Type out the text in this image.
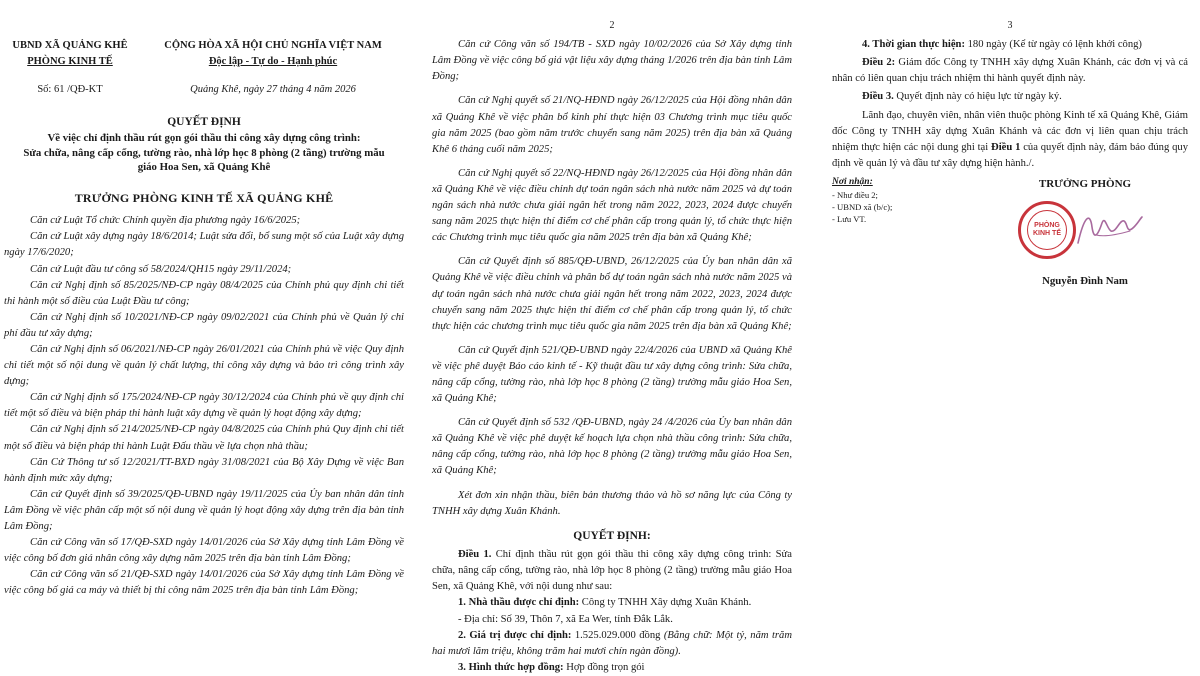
UBND XÃ QUẢNG KHÊ
PHÒNG KINH TẾ
CỘNG HÒA XÃ HỘI CHỦ NGHĨA VIỆT NAM
Độc lập - Tự do - Hạnh phúc
Số: 61 /QĐ-KT	Quảng Khê, ngày 27 tháng 4 năm 2026
QUYẾT ĐỊNH
Về việc chỉ định thầu rút gọn gói thầu thi công xây dựng công trình:
Sửa chữa, nâng cấp cổng, tường rào, nhà lớp học 8 phòng (2 tầng) trường mẫu
giáo Hoa Sen, xã Quảng Khê
TRƯỞNG PHÒNG KINH TẾ XÃ QUẢNG KHÊ

Căn cứ Luật Tổ chức Chính quyền địa phương ngày 16/6/2025;

Căn cứ Luật xây dựng ngày 18/6/2014; Luật sửa đổi, bổ sung một số của Luật xây dựng ngày 17/6/2020;

Căn cứ Luật đầu tư công số 58/2024/QH15 ngày 29/11/2024;

Căn cứ Nghị định số 85/2025/NĐ-CP ngày 08/4/2025 của Chính phủ quy định chi tiết thi hành một số điều của Luật Đầu tư công;

Căn cứ Nghị định số 10/2021/NĐ-CP ngày 09/02/2021 của Chính phủ về Quản lý chi phí đầu tư xây dựng;

Căn cứ Nghị định số 06/2021/NĐ-CP ngày 26/01/2021 của Chính phủ về việc Quy định chi tiết một số nội dung về quản lý chất lượng, thi công xây dựng và bảo trì công trình xây dựng;

Căn cứ Nghị định số 175/2024/NĐ-CP ngày 30/12/2024 của Chính phủ về quy định chi tiết một số điều và biện pháp thi hành luật xây dựng về quản lý hoạt động xây dựng;

Căn cứ Nghị định số 214/2025/NĐ-CP ngày 04/8/2025 của Chính phủ Quy định chi tiết một số điều và biện pháp thi hành Luật Đấu thầu về lựa chọn nhà thầu;

Căn Cứ Thông tư số 12/2021/TT-BXD ngày 31/08/2021 của Bộ Xây Dựng về việc Ban hành định mức xây dựng;

Căn cứ Quyết định số 39/2025/QĐ-UBND ngày 19/11/2025 của Ủy ban nhân dân tỉnh Lâm Đồng về việc phân cấp một số nội dung về quản lý hoạt động xây dựng trên địa bàn tỉnh Lâm Đồng;

Căn cứ Công văn số 17/QĐ-SXD ngày 14/01/2026 của Sở Xây dựng tỉnh Lâm Đồng về việc công bố đơn giá nhân công xây dựng năm 2025 trên địa bàn tỉnh Lâm Đồng;

Căn cứ Công văn số 21/QĐ-SXD ngày 14/01/2026 của Sở Xây dựng tỉnh Lâm Đồng về việc công bố giá ca máy và thiết bị thi công năm 2025 trên địa bàn tỉnh Lâm Đồng;

2

Căn cứ Công văn số 194/TB - SXD ngày 10/02/2026 của Sở Xây dựng tỉnh Lâm Đồng về việc công bố giá vật liệu xây dựng tháng 1/2026 trên địa bàn tỉnh Lâm Đồng;

Căn cứ Nghị quyết số 21/NQ-HĐND ngày 26/12/2025 của Hội đồng nhân dân xã Quảng Khê về việc phân bổ kinh phí thực hiện 03 Chương trình mục tiêu quốc gia năm 2025 (bao gồm năm trước chuyển sang năm 2025) trên địa bàn xã Quảng Khê 6 tháng cuối năm 2025;

Căn cứ Nghị quyết số 22/NQ-HĐND ngày 26/12/2025 của Hội đồng nhân dân xã Quảng Khê về việc điều chỉnh dự toán ngân sách nhà nước năm 2025 và dự toán ngân sách nhà nước chưa giải ngân hết trong năm 2022, 2023, 2024 được chuyển sang năm 2025 thực hiện thí điểm cơ chế phân cấp trong quản lý, tổ chức thực hiện các Chương trình mục tiêu quốc gia năm 2025 trên địa bàn xã Quảng Khê;

Căn cứ Quyết định số 885/QĐ-UBND, 26/12/2025 của Ủy ban nhân dân xã Quảng Khê về việc điều chỉnh và phân bổ dự toán ngân sách nhà nước năm 2025 và dự toán ngân sách nhà nước chưa giải ngân hết trong năm 2022, 2023, 2024 được chuyển sang năm 2025 thực hiện thí điểm cơ chế phân cấp trong quản lý, tổ chức thực hiện các chương trình mục tiêu quốc gia năm 2025 trên địa bàn xã Quảng Khê;

Căn cứ Quyết định 521/QĐ-UBND ngày 22/4/2026 của UBND xã Quảng Khê về việc phê duyệt Báo cáo kinh tế - Kỹ thuật đầu tư xây dựng công trình: Sửa chữa, nâng cấp cổng, tường rào, nhà lớp học 8 phòng (2 tầng) trường mẫu giáo Hoa Sen, xã Quảng Khê;

Căn cứ Quyết định số 532 /QĐ-UBND, ngày 24 /4/2026 của Ủy ban nhân dân xã Quảng Khê về việc phê duyệt kế hoạch lựa chọn nhà thầu công trình: Sửa chữa, nâng cấp cổng, tường rào, nhà lớp học 8 phòng (2 tầng) trường mẫu giáo Hoa Sen, xã Quảng Khê;

Xét đơn xin nhận thầu, biên bản thương thảo và hồ sơ năng lực của Công ty TNHH xây dựng Xuân Khánh.

QUYẾT ĐỊNH:

Điều 1. Chỉ định thầu rút gọn gói thầu thi công xây dựng công trình: Sửa chữa, nâng cấp cổng, tường rào, nhà lớp học 8 phòng (2 tầng) trường mẫu giáo Hoa Sen, xã Quảng Khê, với nội dung như sau:

1. Nhà thầu được chỉ định: Công ty TNHH Xây dựng Xuân Khánh.

- Địa chỉ: Số 39, Thôn 7, xã Ea Wer, tỉnh Đắk Lắk.

2. Giá trị được chỉ định: 1.525.029.000 đồng (Bằng chữ: Một tỷ, năm trăm hai mươi lăm triệu, không trăm hai mươi chín ngàn đồng).

3. Hình thức hợp đồng: Hợp đồng trọn gói

3

4. Thời gian thực hiện: 180 ngày (Kể từ ngày có lệnh khởi công)

Điều 2: Giám đốc Công ty TNHH xây dựng Xuân Khánh, các đơn vị và cá nhân có liên quan chịu trách nhiệm thi hành quyết định này.

Điều 3. Quyết định này có hiệu lực từ ngày ký.

Lãnh đạo, chuyên viên, nhân viên thuộc phòng Kinh tế xã Quảng Khê, Giám đốc Công ty TNHH xây dựng Xuân Khánh và các đơn vị liên quan chịu trách nhiệm thực hiện các nội dung ghi tại Điều 1 của quyết định này, đảm bảo đúng quy định về quản lý và đầu tư xây dựng hiện hành./.

Nơi nhận:
- Như điều 2;
- UBND xã (b/c);
- Lưu VT.
TRƯỞNG PHÒNG
PHÒNG KINH TẾ
Nguyễn Đình Nam
